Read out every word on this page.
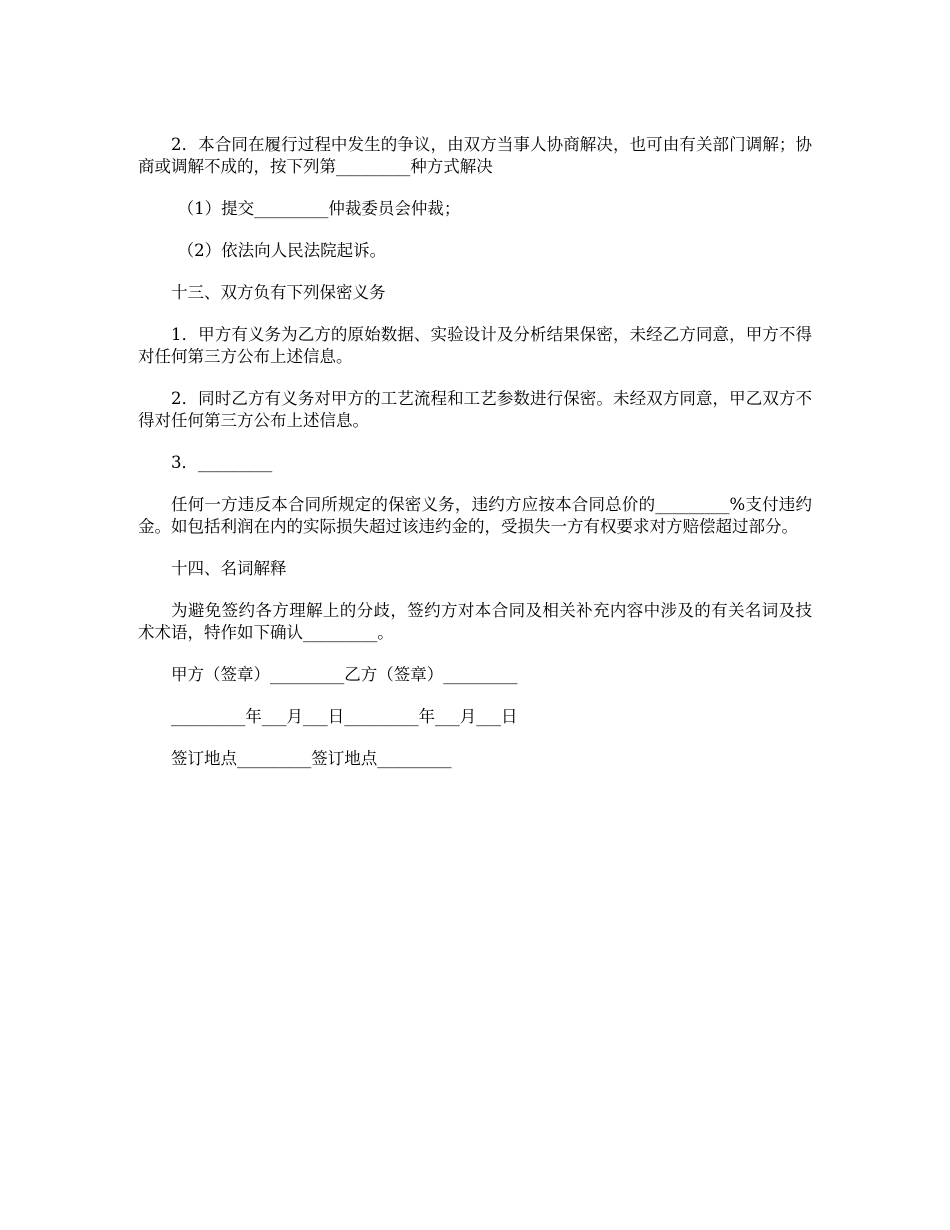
2．本合同在履行过程中发生的争议，由双方当事人协商解决，也可由有关部门调解；协商或调解不成的，按下列第_________种方式解决

（1）提交_________仲裁委员会仲裁；

（2）依法向人民法院起诉。

十三、双方负有下列保密义务

1．甲方有义务为乙方的原始数据、实验设计及分析结果保密，未经乙方同意，甲方不得对任何第三方公布上述信息。

2．同时乙方有义务对甲方的工艺流程和工艺参数进行保密。未经双方同意，甲乙双方不得对任何第三方公布上述信息。

3．_________

任何一方违反本合同所规定的保密义务，违约方应按本合同总价的_________%支付违约金。如包括利润在内的实际损失超过该违约金的，受损失一方有权要求对方赔偿超过部分。

十四、名词解释

为避免签约各方理解上的分歧，签约方对本合同及相关补充内容中涉及的有关名词及技术术语，特作如下确认_________。

甲方（签章）_________乙方（签章）_________

_________年___月___日_________年___月___日

签订地点_________签订地点_________
